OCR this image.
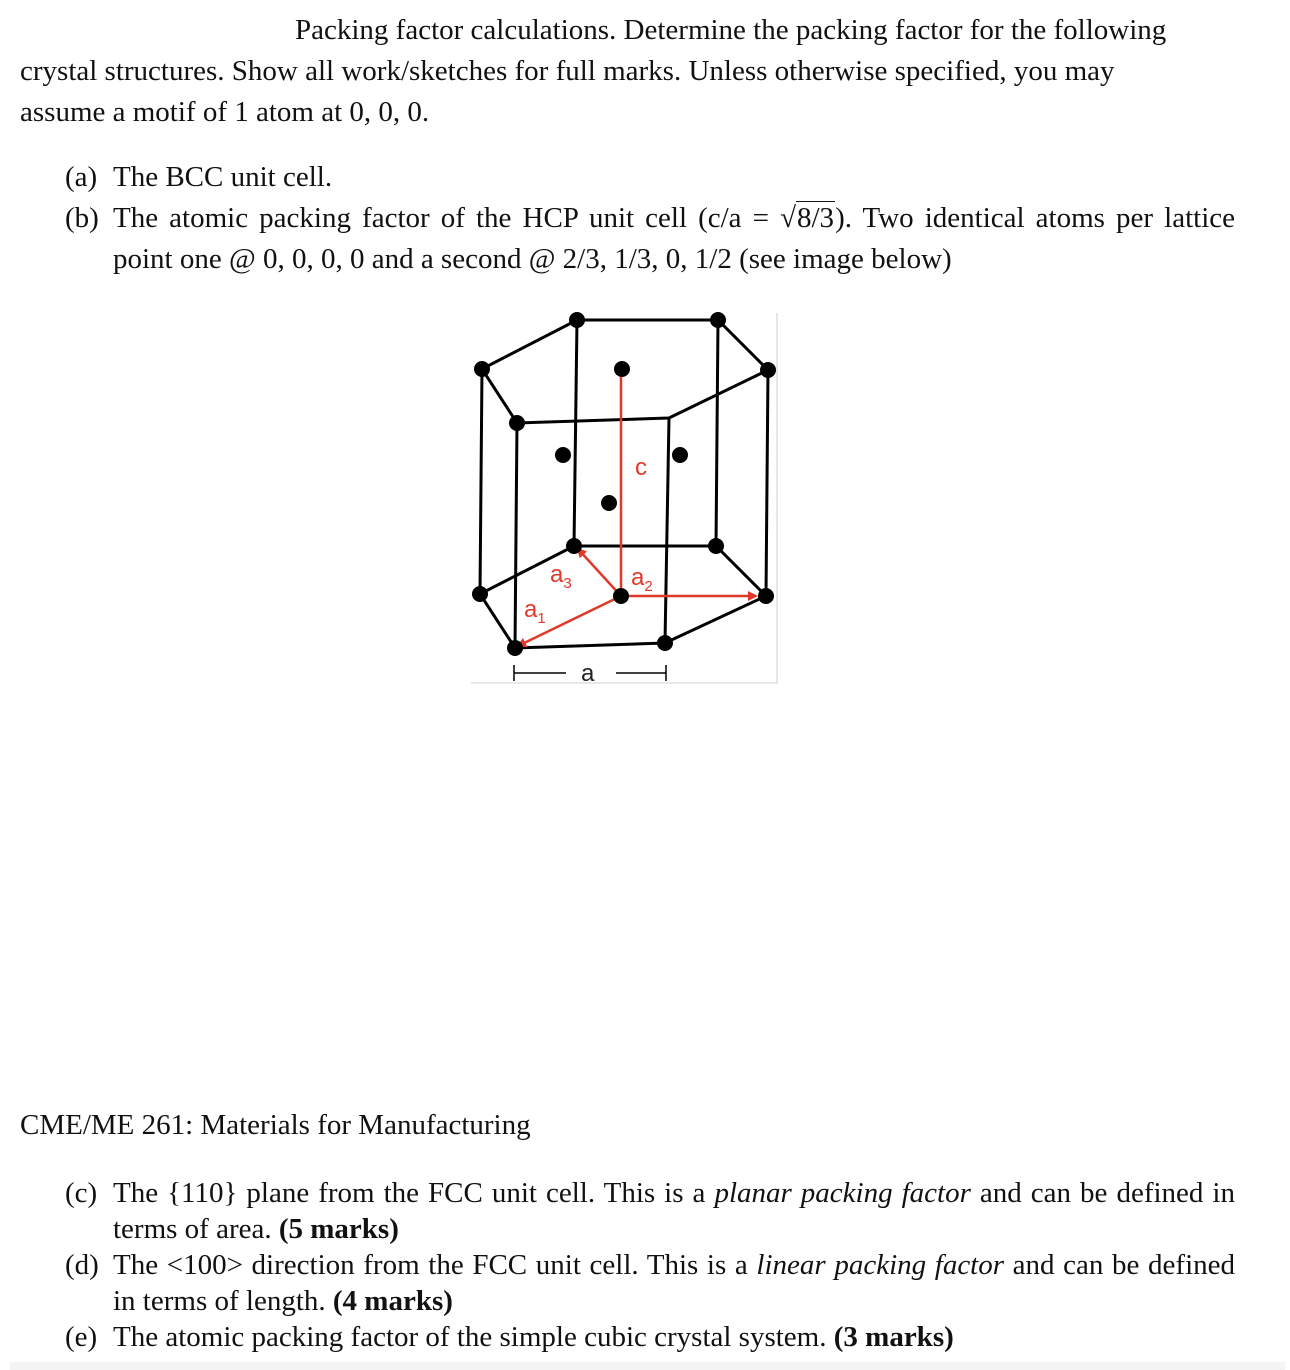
Packing factor calculations. Determine the packing factor for the following
crystal structures. Show all work/sketches for full marks. Unless otherwise specified, you may
assume a motif of 1 atom at 0, 0, 0.
(a) The BCC unit cell.
(b) The atomic packing factor of the HCP unit cell (c/a = √8/3). Two identical atoms per lattice point one @ 0, 0, 0, 0 and a second @ 2/3, 1/3, 0, 1/2 (see image below)
c
$a_3$ $a_2$
$a_1$
a
CME/ME 261: Materials for Manufacturing
(c) The {110} plane from the FCC unit cell. This is a planar packing factor and can be defined in terms of area. (5 marks)
(d) The <100> direction from the FCC unit cell. This is a linear packing factor and can be defined in terms of length. (4 marks)
(e) The atomic packing factor of the simple cubic crystal system. (3 marks)
